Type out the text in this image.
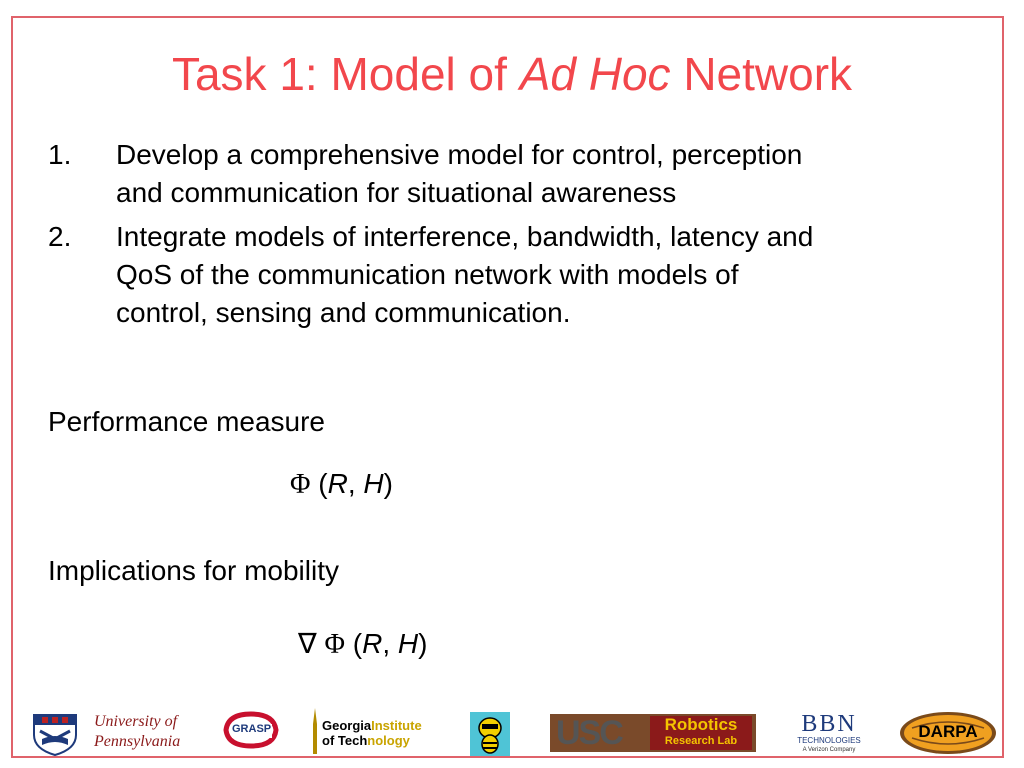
Task 1: Model of Ad Hoc Network
1. Develop a comprehensive model for control, perception
and communication for situational awareness
2. Integrate models of interference, bandwidth, latency and
QoS of the communication network with models of
control, sensing and communication.
Performance measure
Φ (R, H)
Implications for mobility
∇ Φ (R, H)
University of
Pennsylvania
GRASP	GeorgiaInstitute
of Technology	USC	Robotics
Research Lab
BBN
TECHNOLOGIES
A Verizon Company
DARPA
